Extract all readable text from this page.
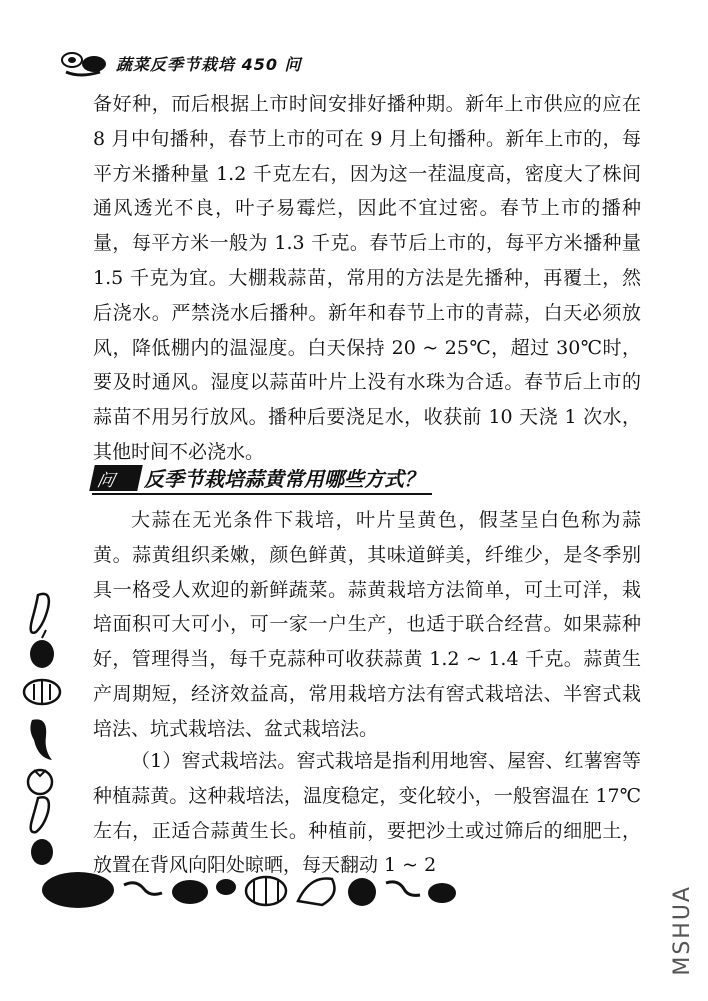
蔬菜反季节栽培 450 问

备好种，而后根据上市时间安排好播种期。新年上市供应的应在 8 月中旬播种，春节上市的可在 9 月上旬播种。新年上市的，每平方米播种量 1.2 千克左右，因为这一茬温度高，密度大了株间通风透光不良，叶子易霉烂，因此不宜过密。春节上市的播种量，每平方米一般为 1.3 千克。春节后上市的，每平方米播种量 1.5 千克为宜。大棚栽蒜苗，常用的方法是先播种，再覆土，然后浇水。严禁浇水后播种。新年和春节上市的青蒜，白天必须放风，降低棚内的温湿度。白天保持 20 ~ 25℃，超过 30℃时，要及时通风。湿度以蒜苗叶片上没有水珠为合适。春节后上市的蒜苗不用另行放风。播种后要浇足水，收获前 10 天浇 1 次水，其他时间不必浇水。

问 反季节栽培蒜黄常用哪些方式？

大蒜在无光条件下栽培，叶片呈黄色，假茎呈白色称为蒜黄。蒜黄组织柔嫩，颜色鲜黄，其味道鲜美，纤维少，是冬季别具一格受人欢迎的新鲜蔬菜。蒜黄栽培方法简单，可土可洋，栽培面积可大可小，可一家一户生产，也适于联合经营。如果蒜种好，管理得当，每千克蒜种可收获蒜黄 1.2 ~ 1.4 千克。蒜黄生产周期短，经济效益高，常用栽培方法有窖式栽培法、半窖式栽培法、坑式栽培法、盆式栽培法。

（1）窖式栽培法。窖式栽培是指利用地窖、屋窖、红薯窖等种植蒜黄。这种栽培法，温度稳定，变化较小，一般窖温在 17℃ 左右，正适合蒜黄生长。种植前，要把沙土或过筛后的细肥土，放置在背风向阳处晾晒，每天翻动 1 ~ 2

MSHUA
